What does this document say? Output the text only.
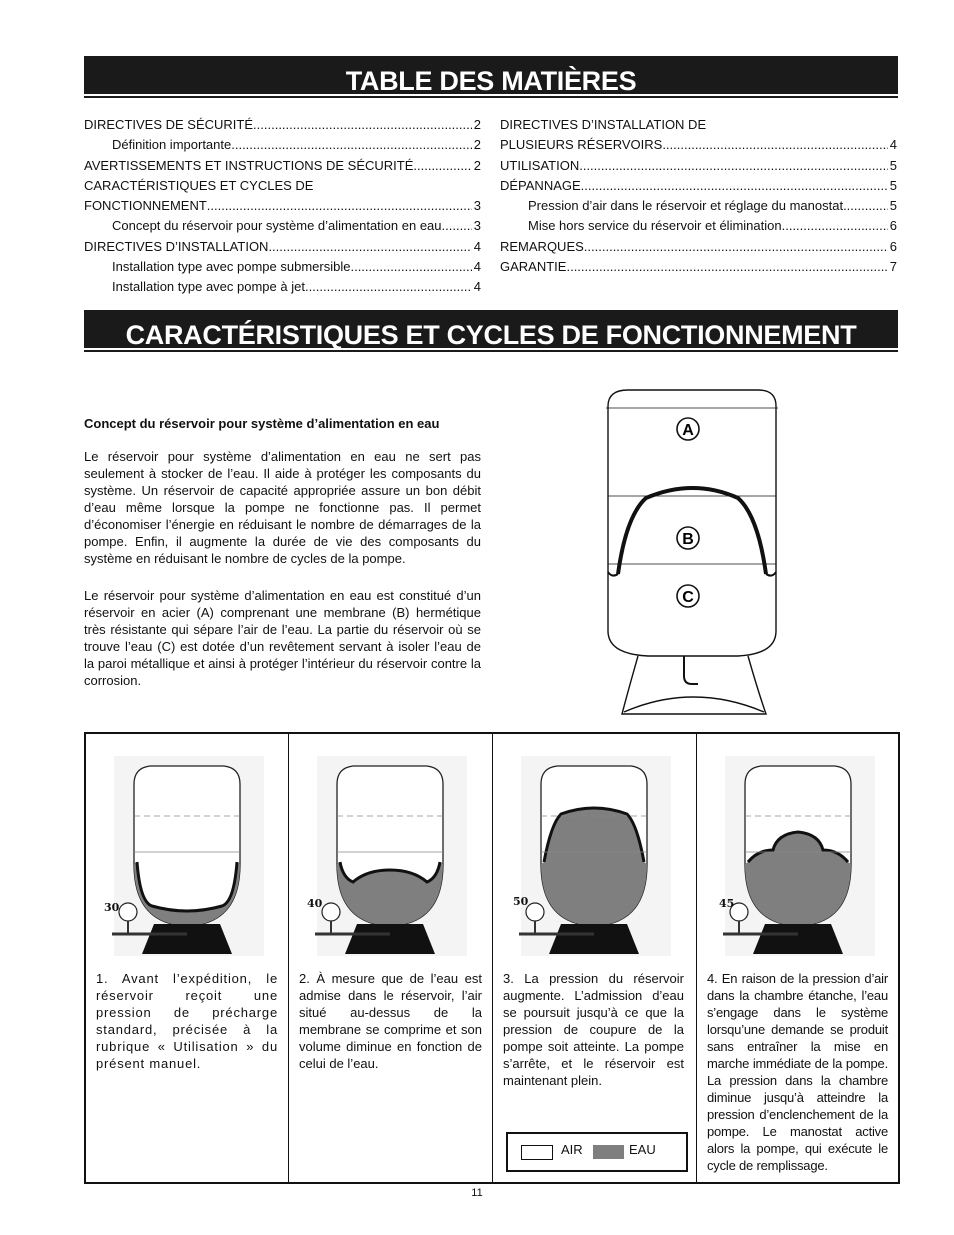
TABLE DES MATIÈRES
DIRECTIVES DE SÉCURITÉ .....	2
Définition importante .....	2
AVERTISSEMENTS ET INSTRUCTIONS DE SÉCURITÉ .....	2
CARACTÉRISTIQUES ET CYCLES DE
FONCTIONNEMENT .....	3
Concept du réservoir pour système d’alimentation en eau ..... 3
DIRECTIVES D’INSTALLATION .....	4
Installation type avec pompe submersible .....	4
Installation type avec pompe à jet .....	4
DIRECTIVES D’INSTALLATION DE
PLUSIEURS RÉSERVOIRS .....	4
UTILISATION .....	5
DÉPANNAGE .....	5
Pression d’air dans le réservoir et réglage du manostat .....	5
Mise hors service du réservoir et élimination .....	6
REMARQUES .....	6
GARANTIE .....	7
CARACTÉRISTIQUES ET CYCLES DE FONCTIONNEMENT
Concept du réservoir pour système d’alimentation en eau
Le réservoir pour système d’alimentation en eau ne sert pas seulement à stocker de l’eau. Il aide à protéger les composants du système. Un réservoir de capacité appropriée assure un bon débit d’eau même lorsque la pompe ne fonctionne pas. Il permet d’économiser l’énergie en réduisant le nombre de démarrages de la pompe. Enfin, il augmente la durée de vie des composants du système en réduisant le nombre de cycles de la pompe.
Le réservoir pour système d’alimentation en eau est constitué d’un réservoir en acier (A) comprenant une membrane (B) hermétique très résistante qui sépare l’air de l’eau. La partie du réservoir où se trouve l’eau (C) est dotée d’un revêtement servant à isoler l’eau de la paroi métallique et ainsi à protéger l’intérieur du réservoir contre la corrosion.
A
B
C
30
1. Avant l’expédition, le réservoir reçoit une pression de précharge standard, précisée à la rubrique « Utilisation » du présent manuel.
40
2. À mesure que de l’eau est admise dans le réservoir, l’air situé au-dessus de la membrane se comprime et son volume diminue en fonction de celui de l’eau.
50
3. La pression du réservoir augmente. L’admission d’eau se poursuit jusqu’à ce que la pression de coupure de la pompe soit atteinte. La pompe s’arrête, et le réservoir est maintenant plein.
AIR	EAU
45
4. En raison de la pression d’air dans la chambre étanche, l’eau s’engage dans le système lorsqu’une demande se produit sans entraîner la mise en marche immédiate de la pompe. La pression dans la chambre diminue jusqu’à atteindre la pression d’enclenchement de la pompe. Le manostat active alors la pompe, qui exécute le cycle de remplissage.
11
